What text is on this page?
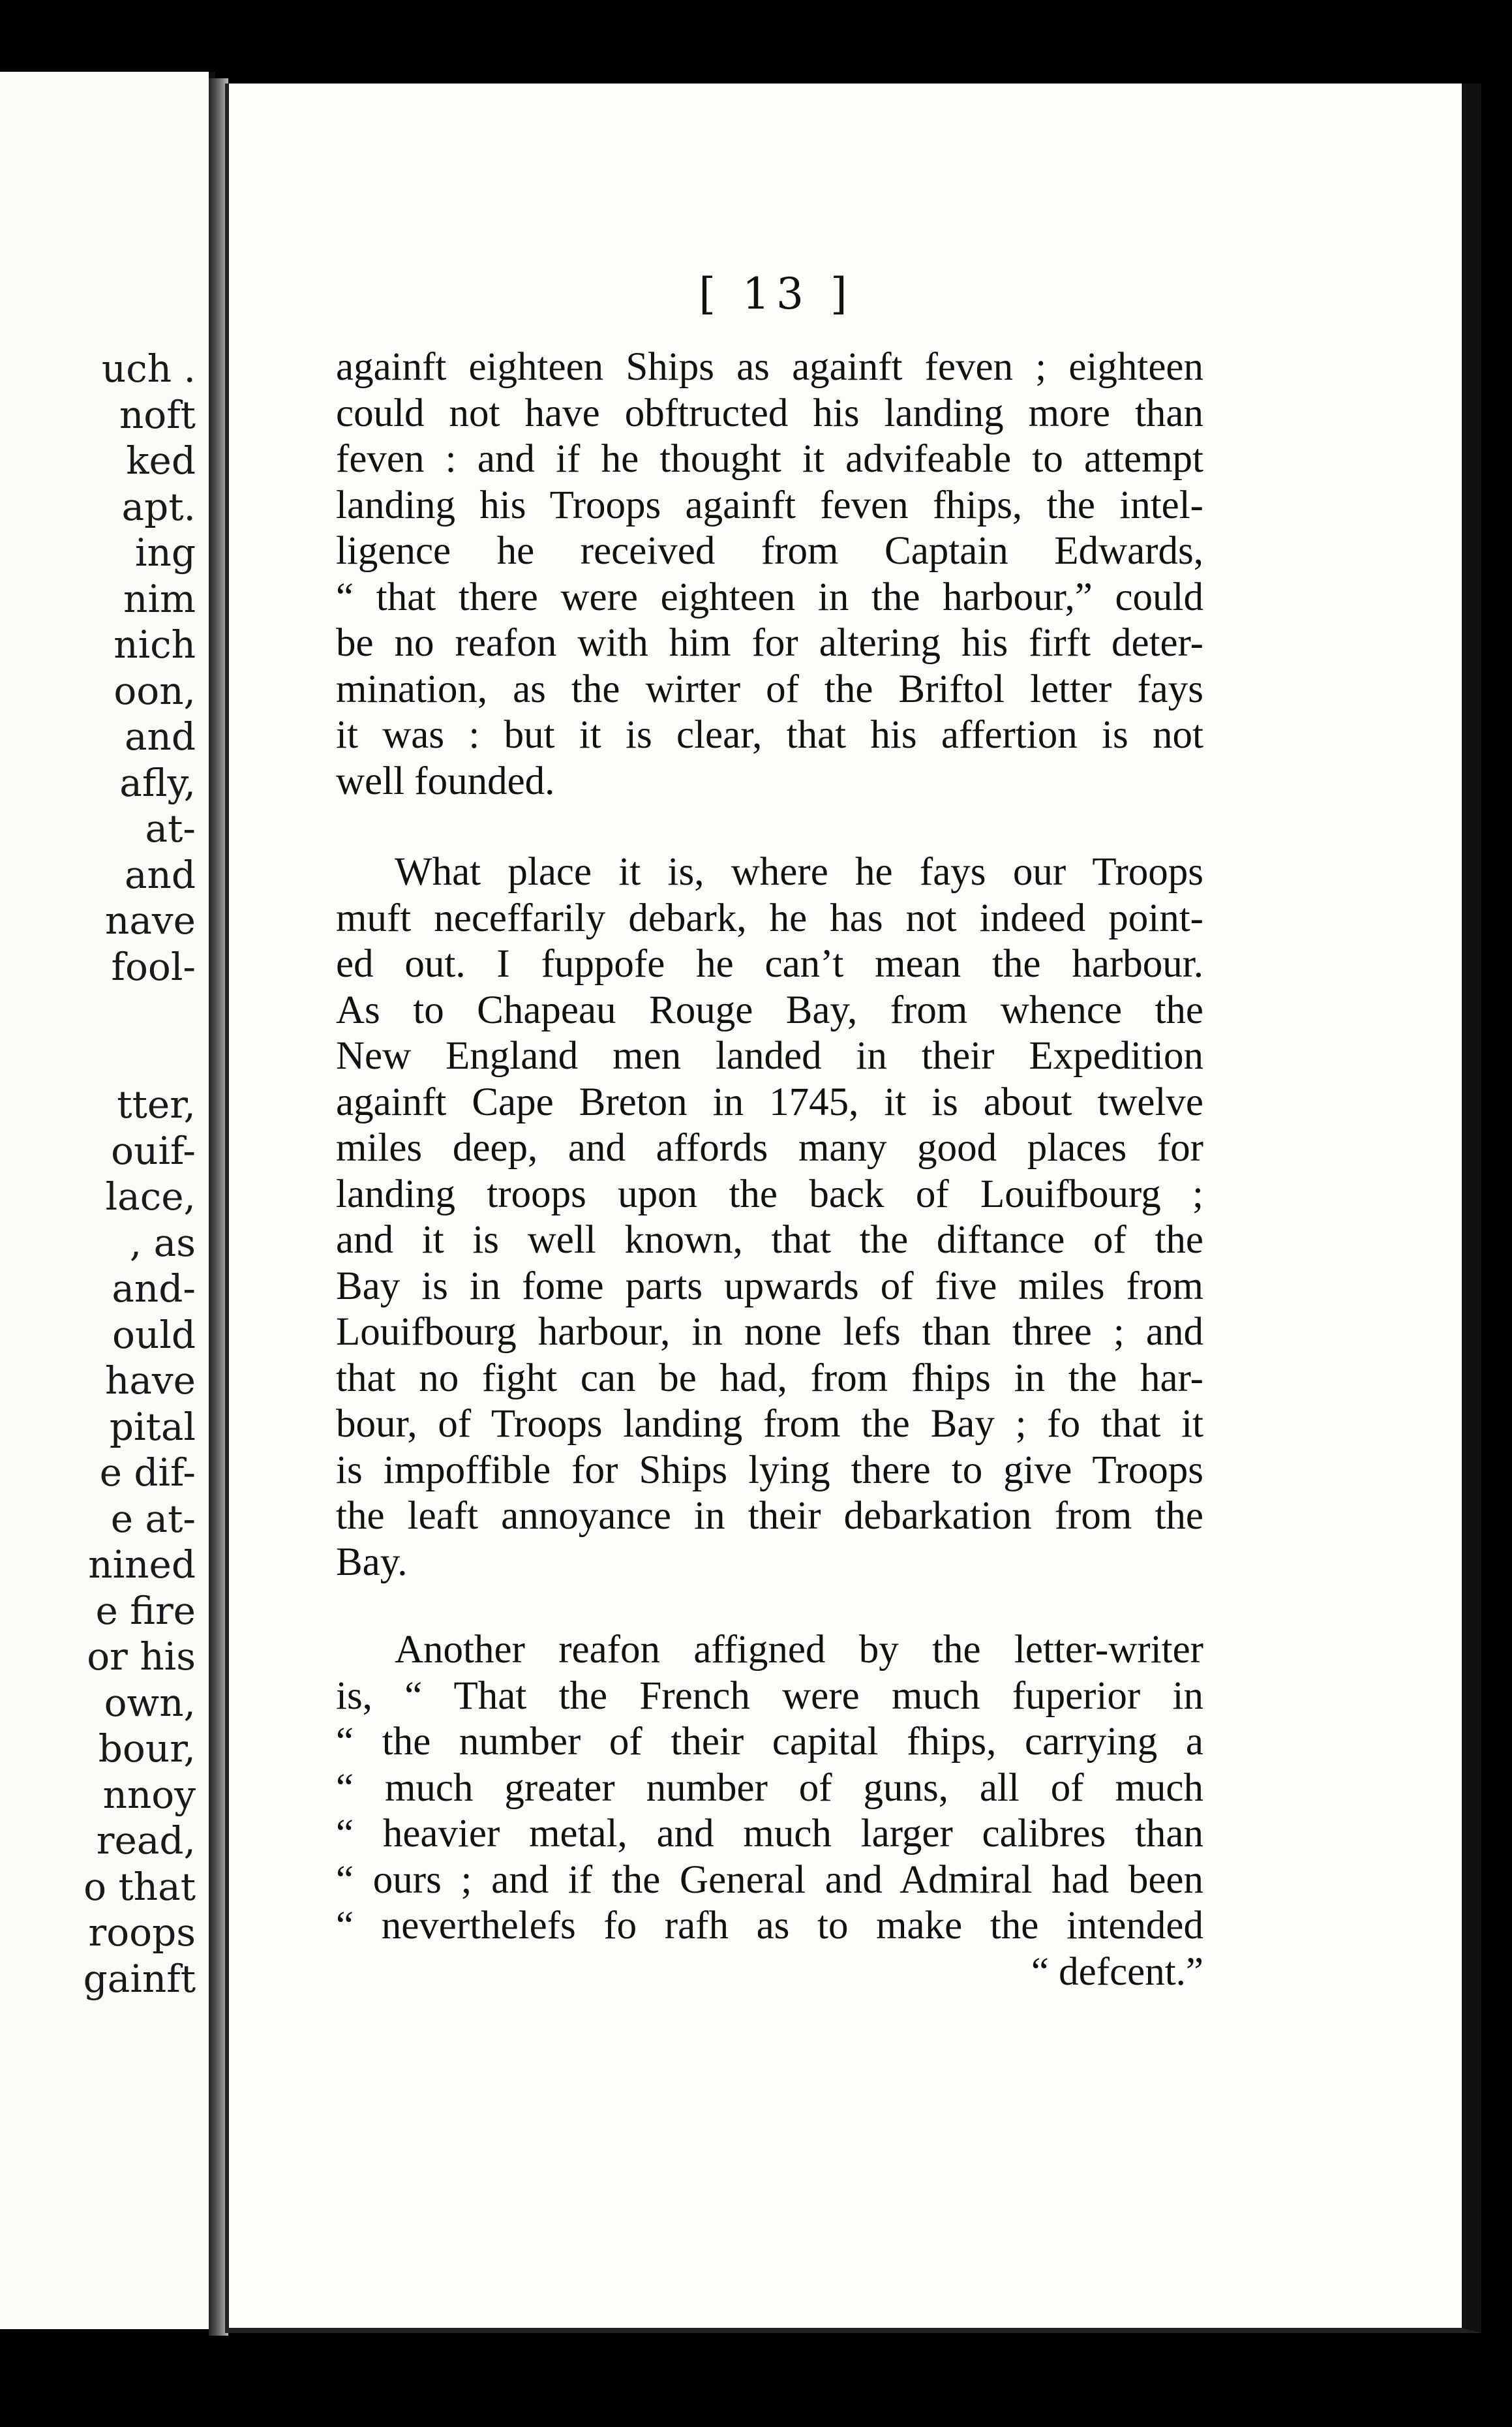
uch .
noft
ked
apt.
ing
nim
nich
oon,
and
afly,
at-
and
nave
fool-
tter,
ouif-
lace,
, as
and-
ould
have
pital
e dif-
e at-
nined
e fire
or his
own,
bour,
nnoy
read,
o that
roops
gainft
[ 13 ]
againft eighteen Ships as againft feven ; eighteen
could not have obftructed his landing more than
feven : and if he thought it advifeable to attempt
landing his Troops againft feven fhips, the intel-
ligence he received from Captain Edwards,
“ that there were eighteen in the harbour,” could
be no reafon with him for altering his firft deter-
mination, as the wirter of the Briftol letter fays
it was : but it is clear, that his affertion is not
well founded.
What place it is, where he fays our Troops
muft neceffarily debark, he has not indeed point-
ed out. I fuppofe he can’t mean the harbour.
As to Chapeau Rouge Bay, from whence the
New England men landed in their Expedition
againft Cape Breton in 1745, it is about twelve
miles deep, and affords many good places for
landing troops upon the back of Louifbourg ;
and it is well known, that the diftance of the
Bay is in fome parts upwards of five miles from
Louifbourg harbour, in none lefs than three ; and
that no fight can be had, from fhips in the har-
bour, of Troops landing from the Bay ; fo that it
is impoffible for Ships lying there to give Troops
the leaft annoyance in their debarkation from the
Bay.
Another reafon affigned by the letter-writer
is, “ That the French were much fuperior in
“ the number of their capital fhips, carrying a
“ much greater number of guns, all of much
“ heavier metal, and much larger calibres than
“ ours ; and if the General and Admiral had been
“ neverthelefs fo rafh as to make the intended
“ defcent.”
